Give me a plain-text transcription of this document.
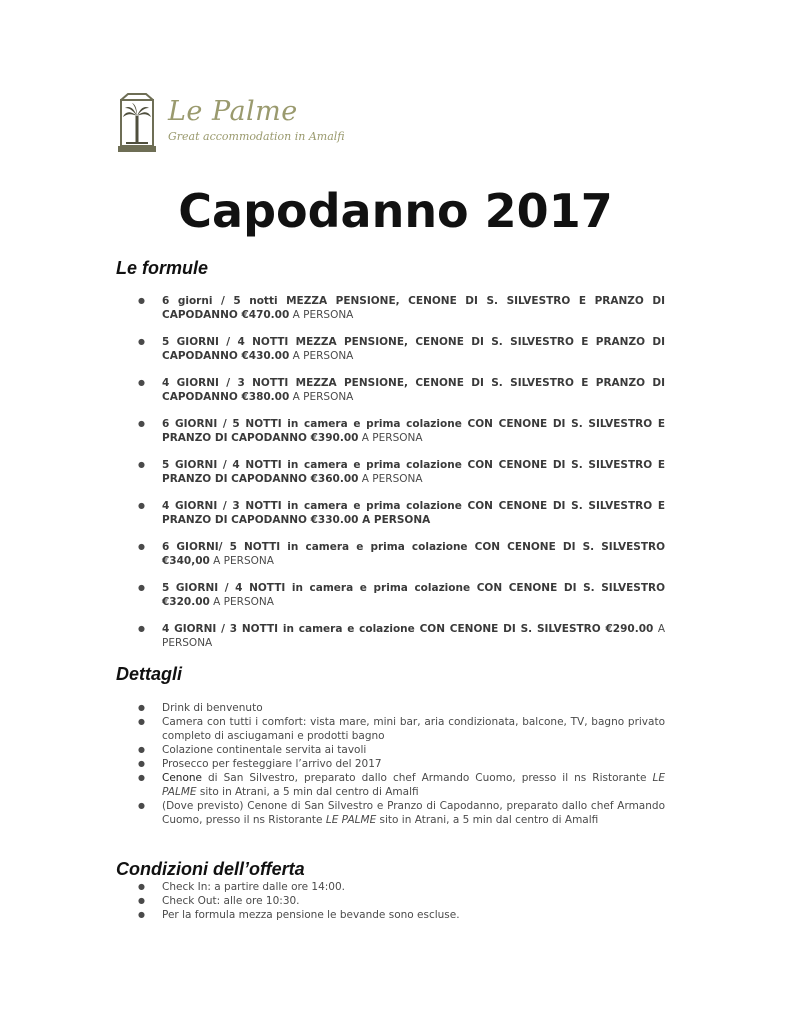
Le Palme
Great accommodation in Amalfi
Capodanno 2017
Le formule
● 6 giorni / 5 notti MEZZA PENSIONE, CENONE DI S. SILVESTRO E PRANZO DI CAPODANNO €470.00 A PERSONA
● 5 GIORNI / 4 NOTTI MEZZA PENSIONE, CENONE DI S. SILVESTRO E PRANZO DI CAPODANNO €430.00 A PERSONA
● 4 GIORNI / 3 NOTTI MEZZA PENSIONE, CENONE DI S. SILVESTRO E PRANZO DI CAPODANNO €380.00 A PERSONA
● 6 GIORNI / 5 NOTTI in camera e prima colazione CON CENONE DI S. SILVESTRO E PRANZO DI CAPODANNO €390.00 A PERSONA
● 5 GIORNI / 4 NOTTI in camera e prima colazione CON CENONE DI S. SILVESTRO E PRANZO DI CAPODANNO €360.00 A PERSONA
● 4 GIORNI / 3 NOTTI in camera e prima colazione CON CENONE DI S. SILVESTRO E PRANZO DI CAPODANNO €330.00 A PERSONA
● 6 GIORNI/ 5 NOTTI in camera e prima colazione CON CENONE DI S. SILVESTRO €340,00 A PERSONA
● 5 GIORNI / 4 NOTTI in camera e prima colazione CON CENONE DI S. SILVESTRO €320.00 A PERSONA
● 4 GIORNI / 3 NOTTI in camera e colazione CON CENONE DI S. SILVESTRO €290.00 A PERSONA
Dettagli
● Drink di benvenuto
● Camera con tutti i comfort: vista mare, mini bar, aria condizionata, balcone, TV, bagno privato completo di asciugamani e prodotti bagno
● Colazione continentale servita ai tavoli
● Prosecco per festeggiare l’arrivo del 2017
● Cenone di San Silvestro, preparato dallo chef Armando Cuomo, presso il ns Ristorante LE PALME sito in Atrani, a 5 min dal centro di Amalfi
● (Dove previsto) Cenone di San Silvestro e Pranzo di Capodanno, preparato dallo chef Armando Cuomo, presso il ns Ristorante LE PALME sito in Atrani, a 5 min dal centro di Amalfi
Condizioni dell’offerta
● Check In: a partire dalle ore 14:00.
● Check Out: alle ore 10:30.
● Per la formula mezza pensione le bevande sono escluse.
